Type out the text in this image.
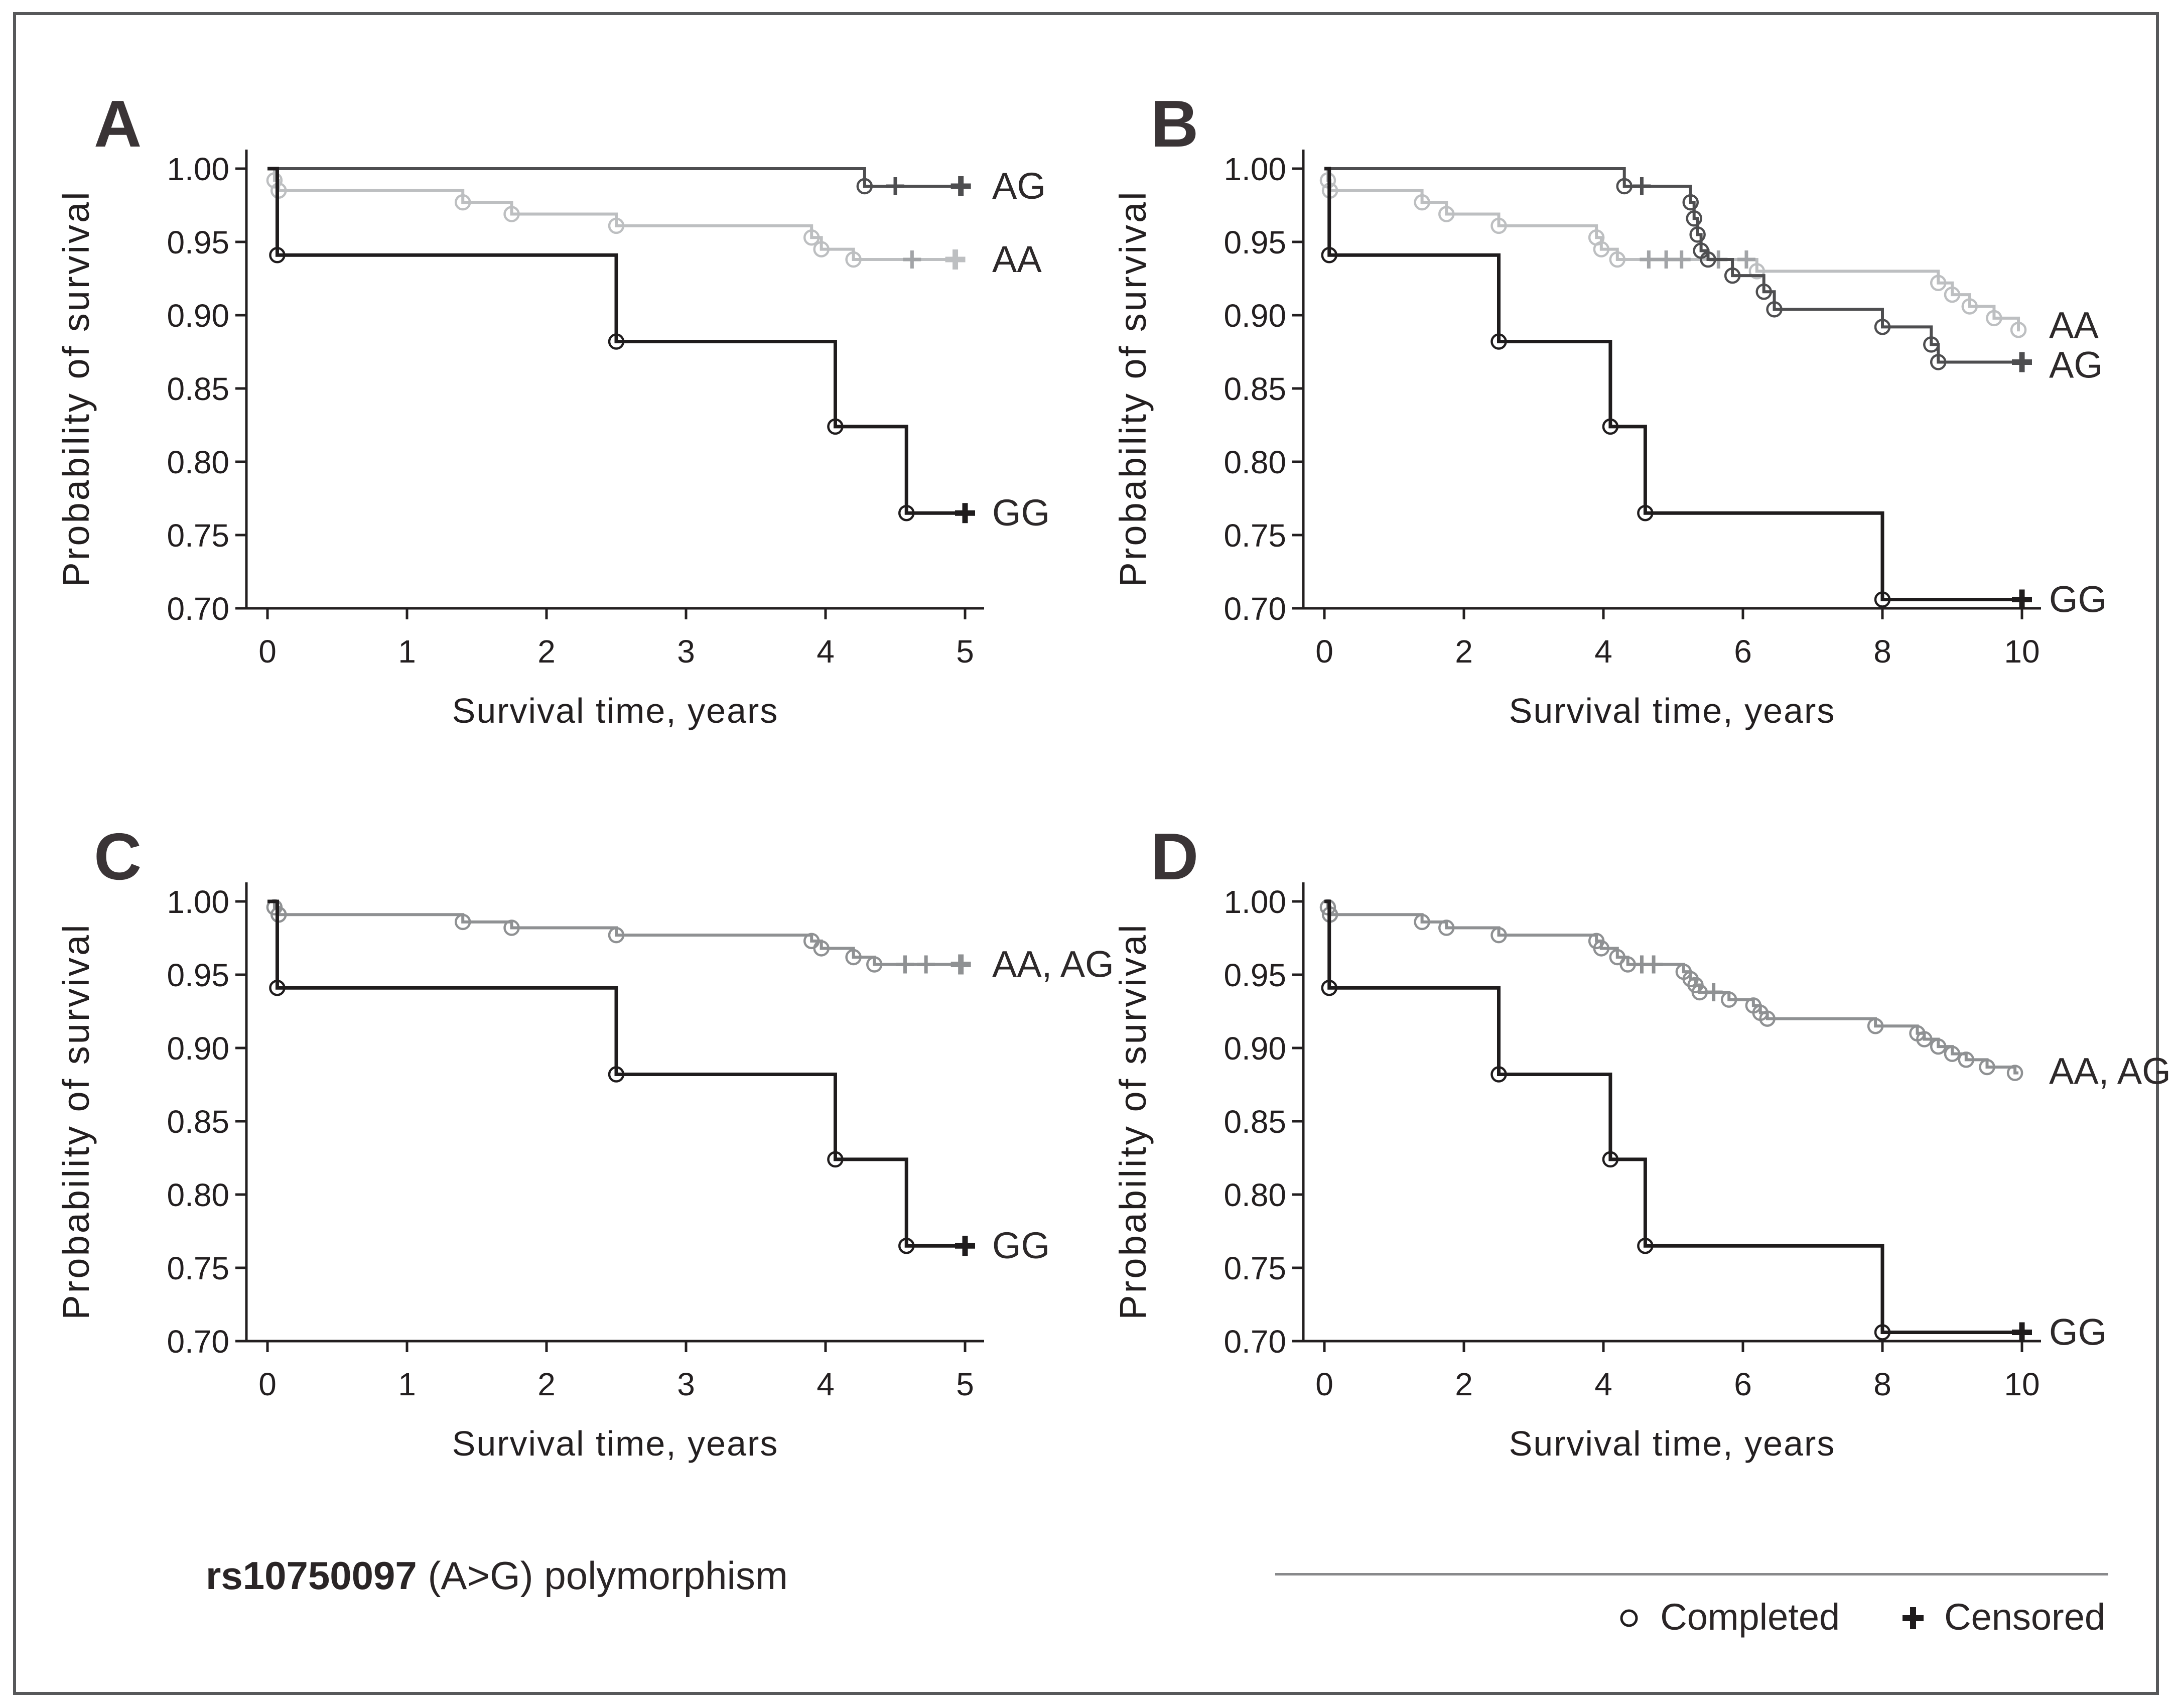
A
Probability of survival
1.00
0.95
0.90
0.85
0.80
0.75
0.70
0	1	2	3	4	5
Survival time, years
AA
AG
GG
B
Probability of survival
1.00
0.95
0.90
0.85
0.80
0.75
0.70
0	2	4	6	8	10
Survival time, years
AA
AG
GG
C
Probability of survival
1.00
0.95
0.90
0.85
0.80
0.75
0.70
0	1	2	3	4	5
Survival time, years
AA, AG
GG
D
Probability of survival
1.00
0.95
0.90
0.85
0.80
0.75
0.70
0	2	4	6	8	10
Survival time, years
AA, AG
GG
rs10750097 (A>G) polymorphism
Completed	Censored
